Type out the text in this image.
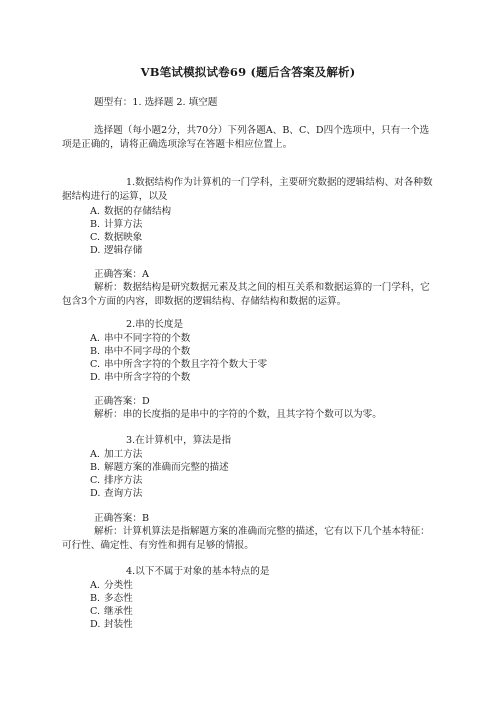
VB笔试模拟试卷69 (题后含答案及解析)

题型有：1. 选择题 2. 填空题

选择题（每小题2分，共70分）下列各题A、B、C、D四个选项中，只有一个选项是正确的，请将正确选项涂写在答题卡相应位置上。

1.数据结构作为计算机的一门学科，主要研究数据的逻辑结构、对各种数据结构进行的运算，以及

A. 数据的存储结构

B. 计算方法

C. 数据映象

D. 逻辑存储

正确答案：A

解析：数据结构是研究数据元素及其之间的相互关系和数据运算的一门学科，它包含3个方面的内容，即数据的逻辑结构、存储结构和数据的运算。

2.串的长度是

A. 串中不同字符的个数

B. 串中不同字母的个数

C. 串中所含字符的个数且字符个数大于零

D. 串中所含字符的个数

正确答案：D

解析：串的长度指的是串中的字符的个数，且其字符个数可以为零。

3.在计算机中，算法是指

A. 加工方法

B. 解题方案的准确而完整的描述

C. 排序方法

D. 查询方法

正确答案：B

解析：计算机算法是指解题方案的准确而完整的描述，它有以下几个基本特征：可行性、确定性、有穷性和拥有足够的情报。

4.以下不属于对象的基本特点的是

A. 分类性

B. 多态性

C. 继承性

D. 封装性
